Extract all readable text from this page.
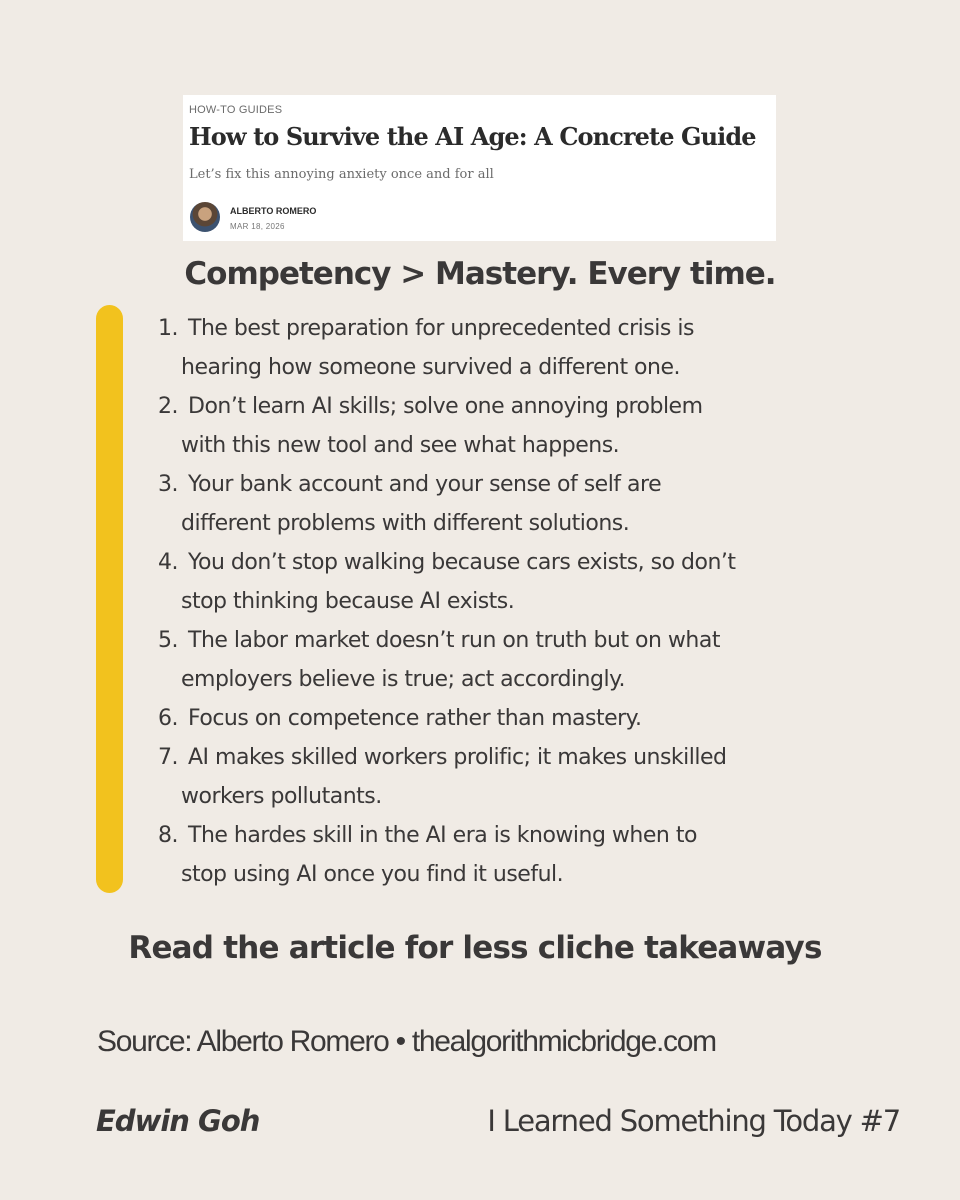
HOW-TO GUIDES
How to Survive the AI Age: A Concrete Guide
Let’s fix this annoying anxiety once and for all
ALBERTO ROMERO
MAR 18, 2026
Competency > Mastery. Every time.
1. The best preparation for unprecedented crisis is
hearing how someone survived a different one.
2. Don’t learn AI skills; solve one annoying problem
with this new tool and see what happens.
3. Your bank account and your sense of self are
different problems with different solutions.
4. You don’t stop walking because cars exists, so don’t
stop thinking because AI exists.
5. The labor market doesn’t run on truth but on what
employers believe is true; act accordingly.
6. Focus on competence rather than mastery.
7. AI makes skilled workers prolific; it makes unskilled
workers pollutants.
8. The hardes skill in the AI era is knowing when to
stop using AI once you find it useful.
Read the article for less cliche takeaways
Source: Alberto Romero • thealgorithmicbridge.com
Edwin Goh	I Learned Something Today #7
